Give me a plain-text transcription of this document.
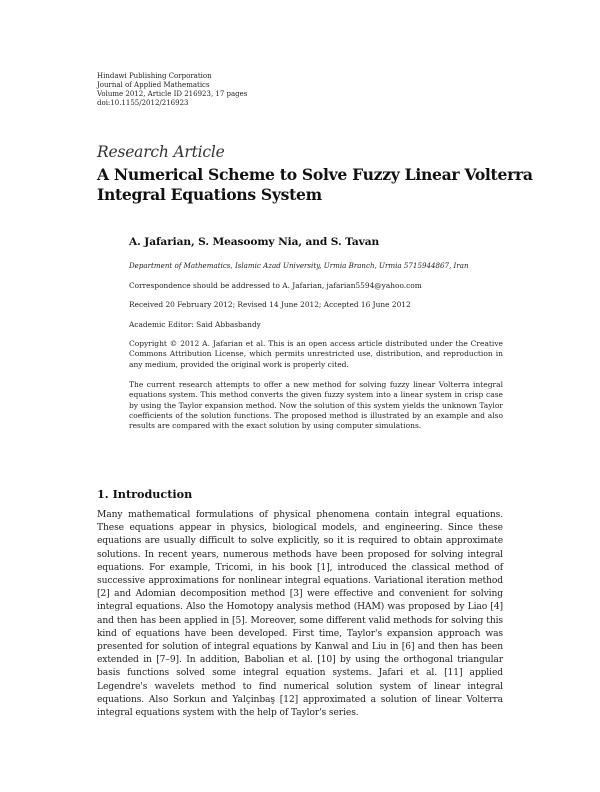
Hindawi Publishing Corporation
Journal of Applied Mathematics
Volume 2012, Article ID 216923, 17 pages
doi:10.1155/2012/216923
Research Article
A Numerical Scheme to Solve Fuzzy Linear Volterra
Integral Equations System
A. Jafarian, S. Measoomy Nia, and S. Tavan
Department of Mathematics, Islamic Azad University, Urmia Branch, Urmia 5715944867, Iran
Correspondence should be addressed to A. Jafarian, jafarian5594@yahoo.com
Received 20 February 2012; Revised 14 June 2012; Accepted 16 June 2012
Academic Editor: Said Abbasbandy
Copyright © 2012 A. Jafarian et al. This is an open access article distributed under the Creative Commons Attribution License, which permits unrestricted use, distribution, and reproduction in any medium, provided the original work is properly cited.
The current research attempts to offer a new method for solving fuzzy linear Volterra integral equations system. This method converts the given fuzzy system into a linear system in crisp case by using the Taylor expansion method. Now the solution of this system yields the unknown Taylor coefficients of the solution functions. The proposed method is illustrated by an example and also results are compared with the exact solution by using computer simulations.
1. Introduction

Many mathematical formulations of physical phenomena contain integral equations. These equations appear in physics, biological models, and engineering. Since these equations are usually difficult to solve explicitly, so it is required to obtain approximate solutions. In recent years, numerous methods have been proposed for solving integral equations. For example, Tricomi, in his book [1], introduced the classical method of successive approximations for nonlinear integral equations. Variational iteration method [2] and Adomian decomposition method [3] were effective and convenient for solving integral equations. Also the Homotopy analysis method (HAM) was proposed by Liao [4] and then has been applied in [5]. Moreover, some different valid methods for solving this kind of equations have been developed. First time, Taylor's expansion approach was presented for solution of integral equations by Kanwal and Liu in [6] and then has been extended in [7–9]. In addition, Babolian et al. [10] by using the orthogonal triangular basis functions solved some integral equation systems. Jafari et al. [11] applied Legendre's wavelets method to find numerical solution system of linear integral equations. Also Sorkun and Yalçinbaş [12] approximated a solution of linear Volterra integral equations system with the help of Taylor's series.
